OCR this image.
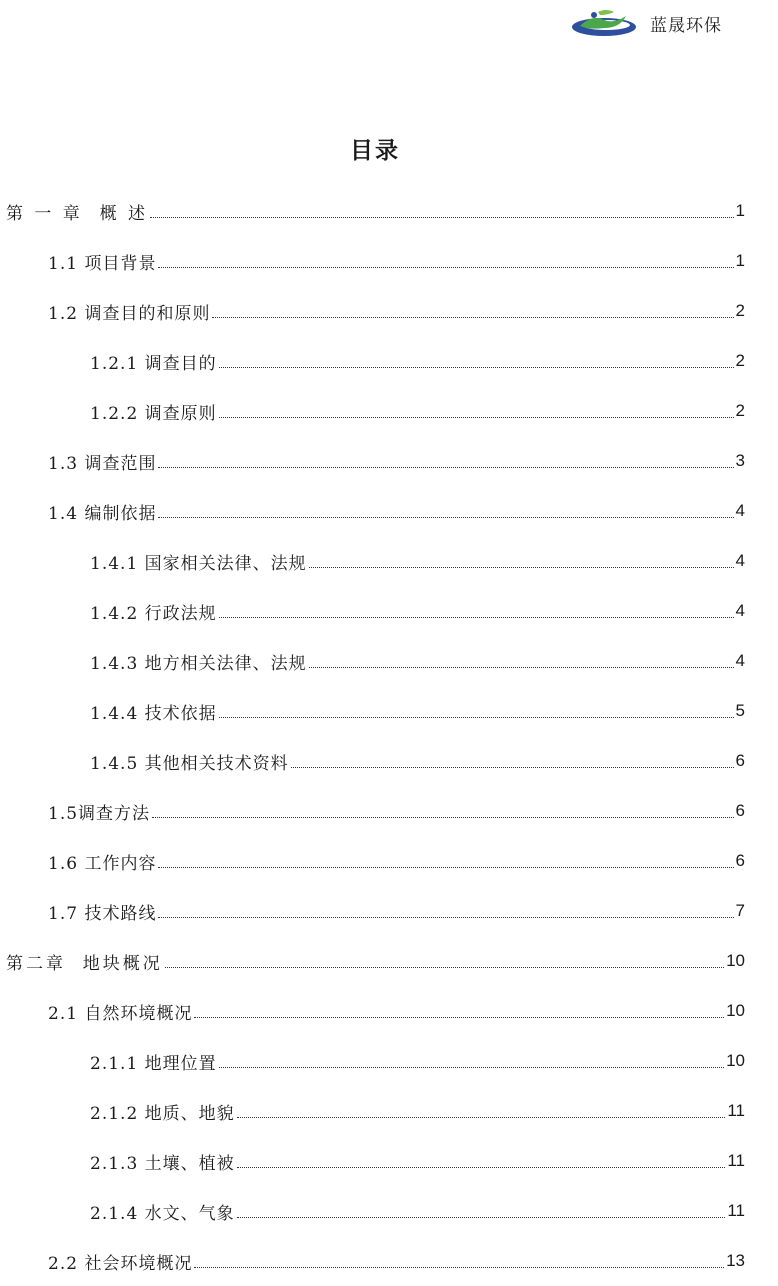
蓝晟环保
目录
第 一 章  概 述	1
1.1 项目背景	1
1.2 调查目的和原则	2
1.2.1 调查目的	2
1.2.2 调查原则	2
1.3 调查范围	3
1.4 编制依据	4
1.4.1 国家相关法律、法规	4
1.4.2 行政法规	4
1.4.3 地方相关法律、法规	4
1.4.4 技术依据	5
1.4.5 其他相关技术资料	6
1.5调查方法	6
1.6 工作内容	6
1.7 技术路线	7
第二章  地块概况	10
2.1 自然环境概况	10
2.1.1 地理位置	10
2.1.2 地质、地貌	11
2.1.3 土壤、植被	11
2.1.4 水文、气象	11
2.2 社会环境概况	13
